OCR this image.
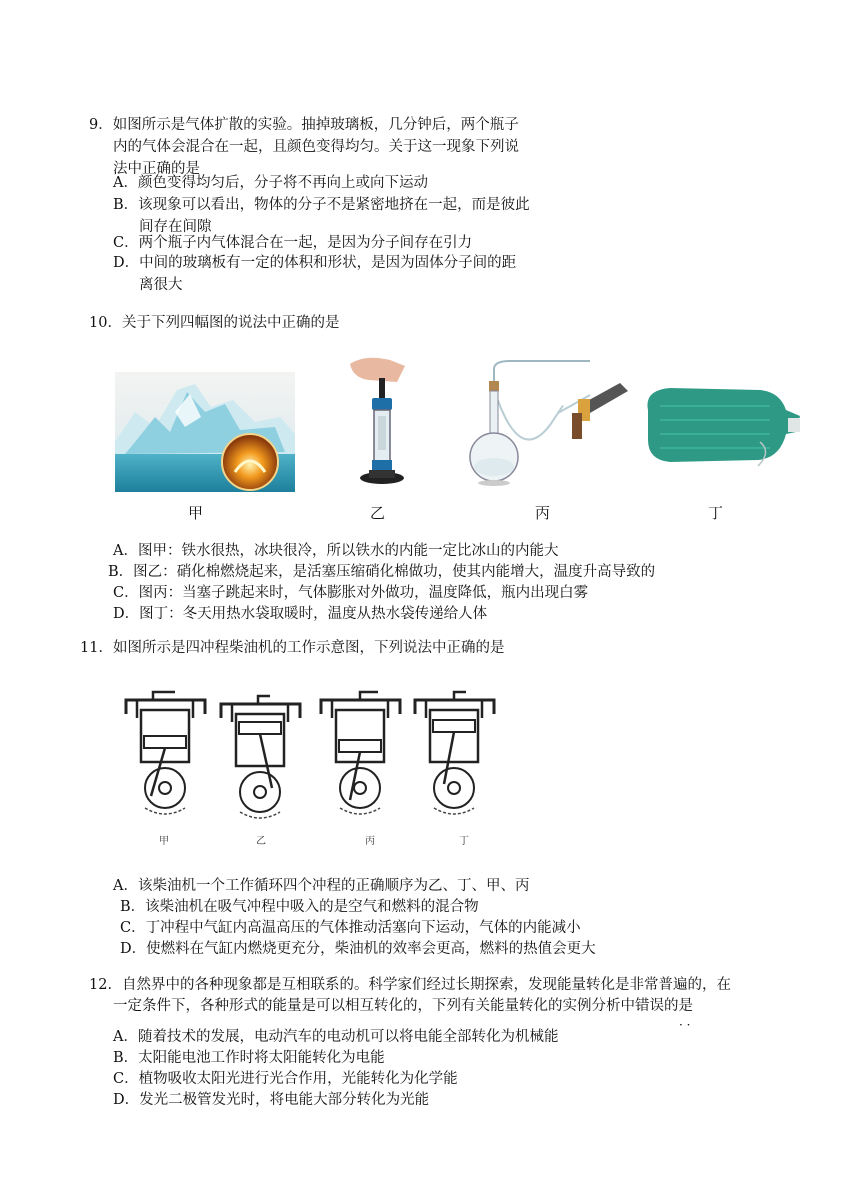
9．如图所示是气体扩散的实验。抽掉玻璃板，几分钟后，两个瓶子
内的气体会混合在一起，且颜色变得均匀。关于这一现象下列说
法中正确的是
A．颜色变得均匀后，分子将不再向上或向下运动
B．该现象可以看出，物体的分子不是紧密地挤在一起，而是彼此
间存在间隙
C．两个瓶子内气体混合在一起，是因为分子间存在引力
D．中间的玻璃板有一定的体积和形状，是因为固体分子间的距
离很大
10．关于下列四幅图的说法中正确的是
甲	乙	丙	丁
A．图甲：铁水很热，冰块很冷，所以铁水的内能一定比冰山的内能大
B．图乙：硝化棉燃烧起来，是活塞压缩硝化棉做功，使其内能增大，温度升高导致的
C．图丙：当塞子跳起来时，气体膨胀对外做功，温度降低，瓶内出现白雾
D．图丁：冬天用热水袋取暖时，温度从热水袋传递给人体
11．如图所示是四冲程柴油机的工作示意图，下列说法中正确的是
甲	乙	丙	丁
A．该柴油机一个工作循环四个冲程的正确顺序为乙、丁、甲、丙
B．该柴油机在吸气冲程中吸入的是空气和燃料的混合物
C．丁冲程中气缸内高温高压的气体推动活塞向下运动，气体的内能减小
D．使燃料在气缸内燃烧更充分，柴油机的效率会更高，燃料的热值会更大
12．自然界中的各种现象都是互相联系的。科学家们经过长期探索，发现能量转化是非常普遍的，在
一定条件下，各种形式的能量是可以相互转化的，下列有关能量转化的实例分析中错误的是
· ·
A．随着技术的发展，电动汽车的电动机可以将电能全部转化为机械能
B．太阳能电池工作时将太阳能转化为电能
C．植物吸收太阳光进行光合作用，光能转化为化学能
D．发光二极管发光时，将电能大部分转化为光能
